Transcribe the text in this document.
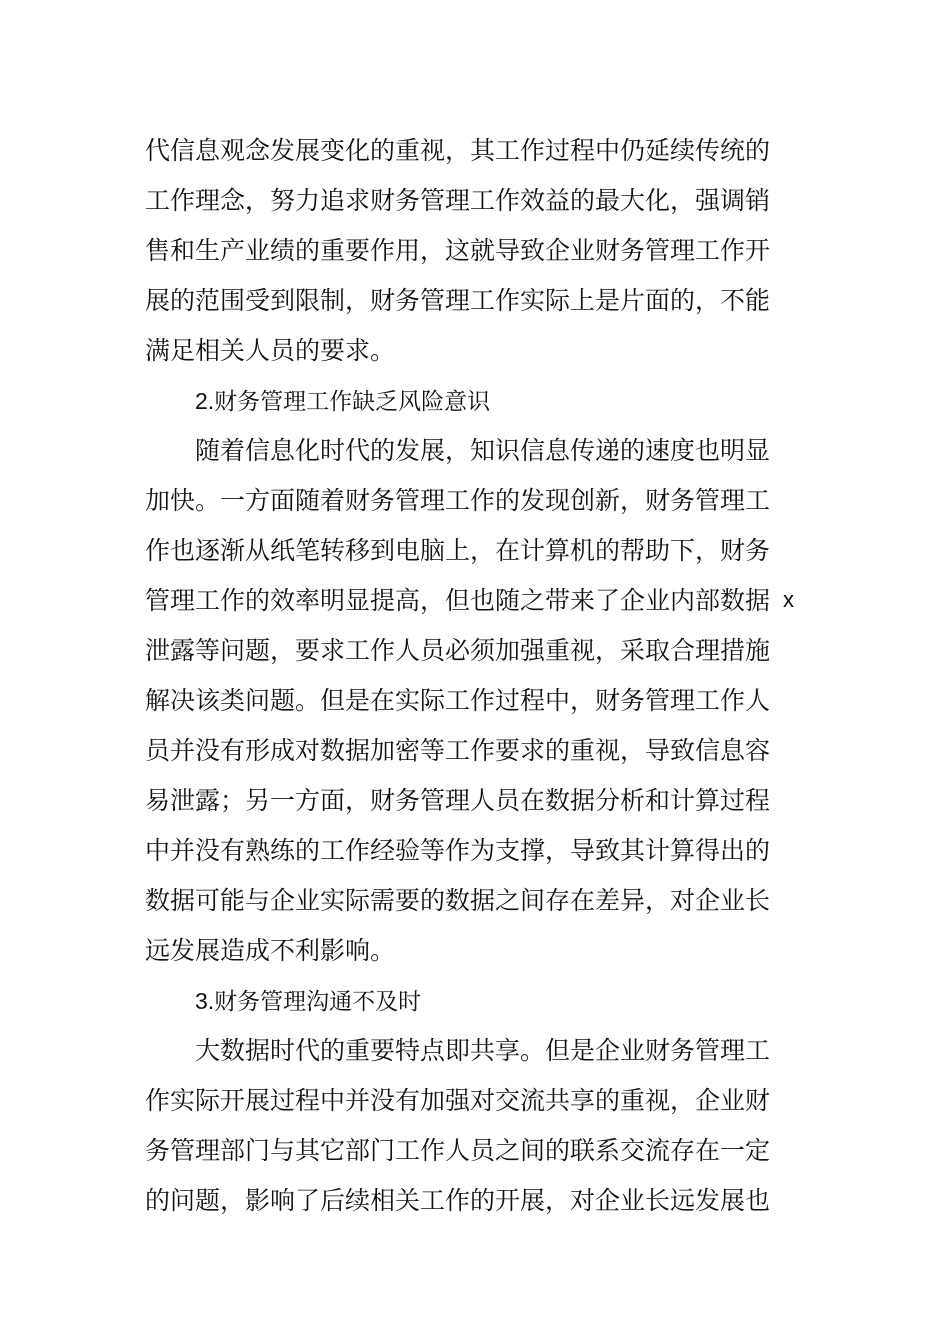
代信息观念发展变化的重视，其工作过程中仍延续传统的
工作理念，努力追求财务管理工作效益的最大化，强调销
售和生产业绩的重要作用，这就导致企业财务管理工作开
展的范围受到限制，财务管理工作实际上是片面的，不能
满足相关人员的要求。
2.财务管理工作缺乏风险意识
随着信息化时代的发展，知识信息传递的速度也明显
加快。一方面随着财务管理工作的发现创新，财务管理工
作也逐渐从纸笔转移到电脑上，在计算机的帮助下，财务
管理工作的效率明显提高，但也随之带来了企业内部数据 x
泄露等问题，要求工作人员必须加强重视，采取合理措施
解决该类问题。但是在实际工作过程中，财务管理工作人
员并没有形成对数据加密等工作要求的重视，导致信息容
易泄露；另一方面，财务管理人员在数据分析和计算过程
中并没有熟练的工作经验等作为支撑，导致其计算得出的
数据可能与企业实际需要的数据之间存在差异，对企业长
远发展造成不利影响。
3.财务管理沟通不及时
大数据时代的重要特点即共享。但是企业财务管理工
作实际开展过程中并没有加强对交流共享的重视，企业财
务管理部门与其它部门工作人员之间的联系交流存在一定
的问题，影响了后续相关工作的开展，对企业长远发展也
